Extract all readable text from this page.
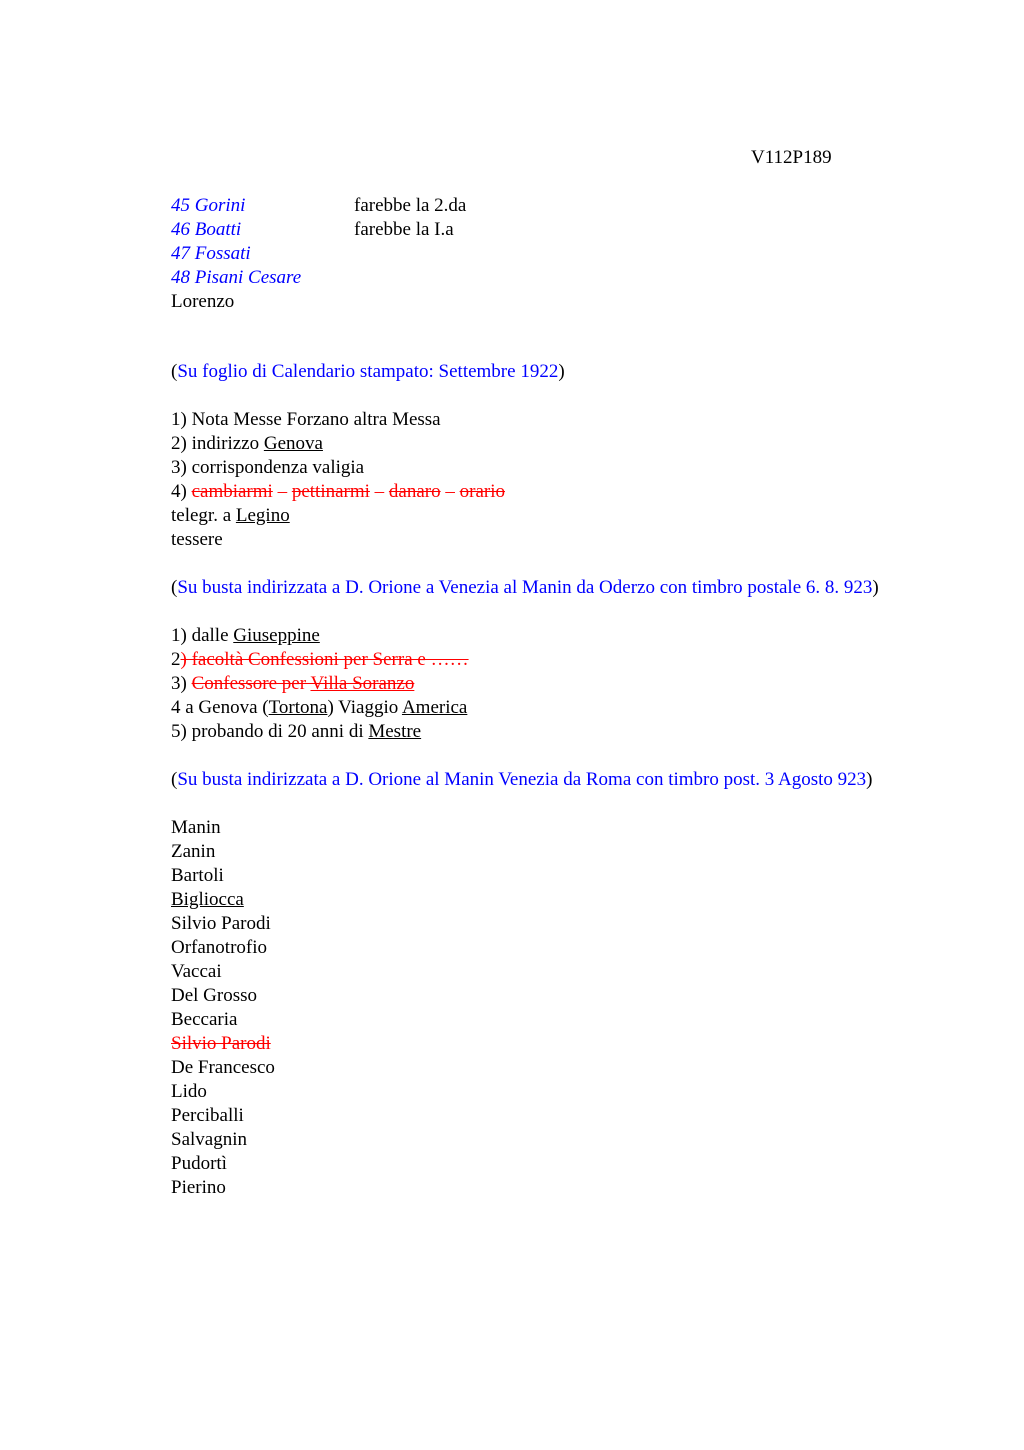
V112P189
45 Gorini	farebbe la 2.da
46 Boatti	farebbe la I.a
47 Fossati
48 Pisani Cesare
Lorenzo
(Su foglio di Calendario stampato: Settembre 1922)
1) Nota Messe Forzano altra Messa
2) indirizzo Genova
3) corrispondenza valigia
4) cambiarmi – pettinarmi – danaro – orario
telegr. a Legino
tessere
(Su busta indirizzata a D. Orione a Venezia al Manin da Oderzo con timbro postale 6. 8. 923)
1) dalle Giuseppine
2) facoltà Confessioni per Serra e ……
3) Confessore per Villa Soranzo
4 a Genova (Tortona) Viaggio America
5) probando di 20 anni di Mestre
(Su busta indirizzata a D. Orione al Manin Venezia da Roma con timbro post. 3 Agosto 923)
Manin
Zanin
Bartoli
Bigliocca
Silvio Parodi
Orfanotrofio
Vaccai
Del Grosso
Beccaria
Silvio Parodi
De Francesco
Lido
Perciballi
Salvagnin
Pudortì
Pierino
